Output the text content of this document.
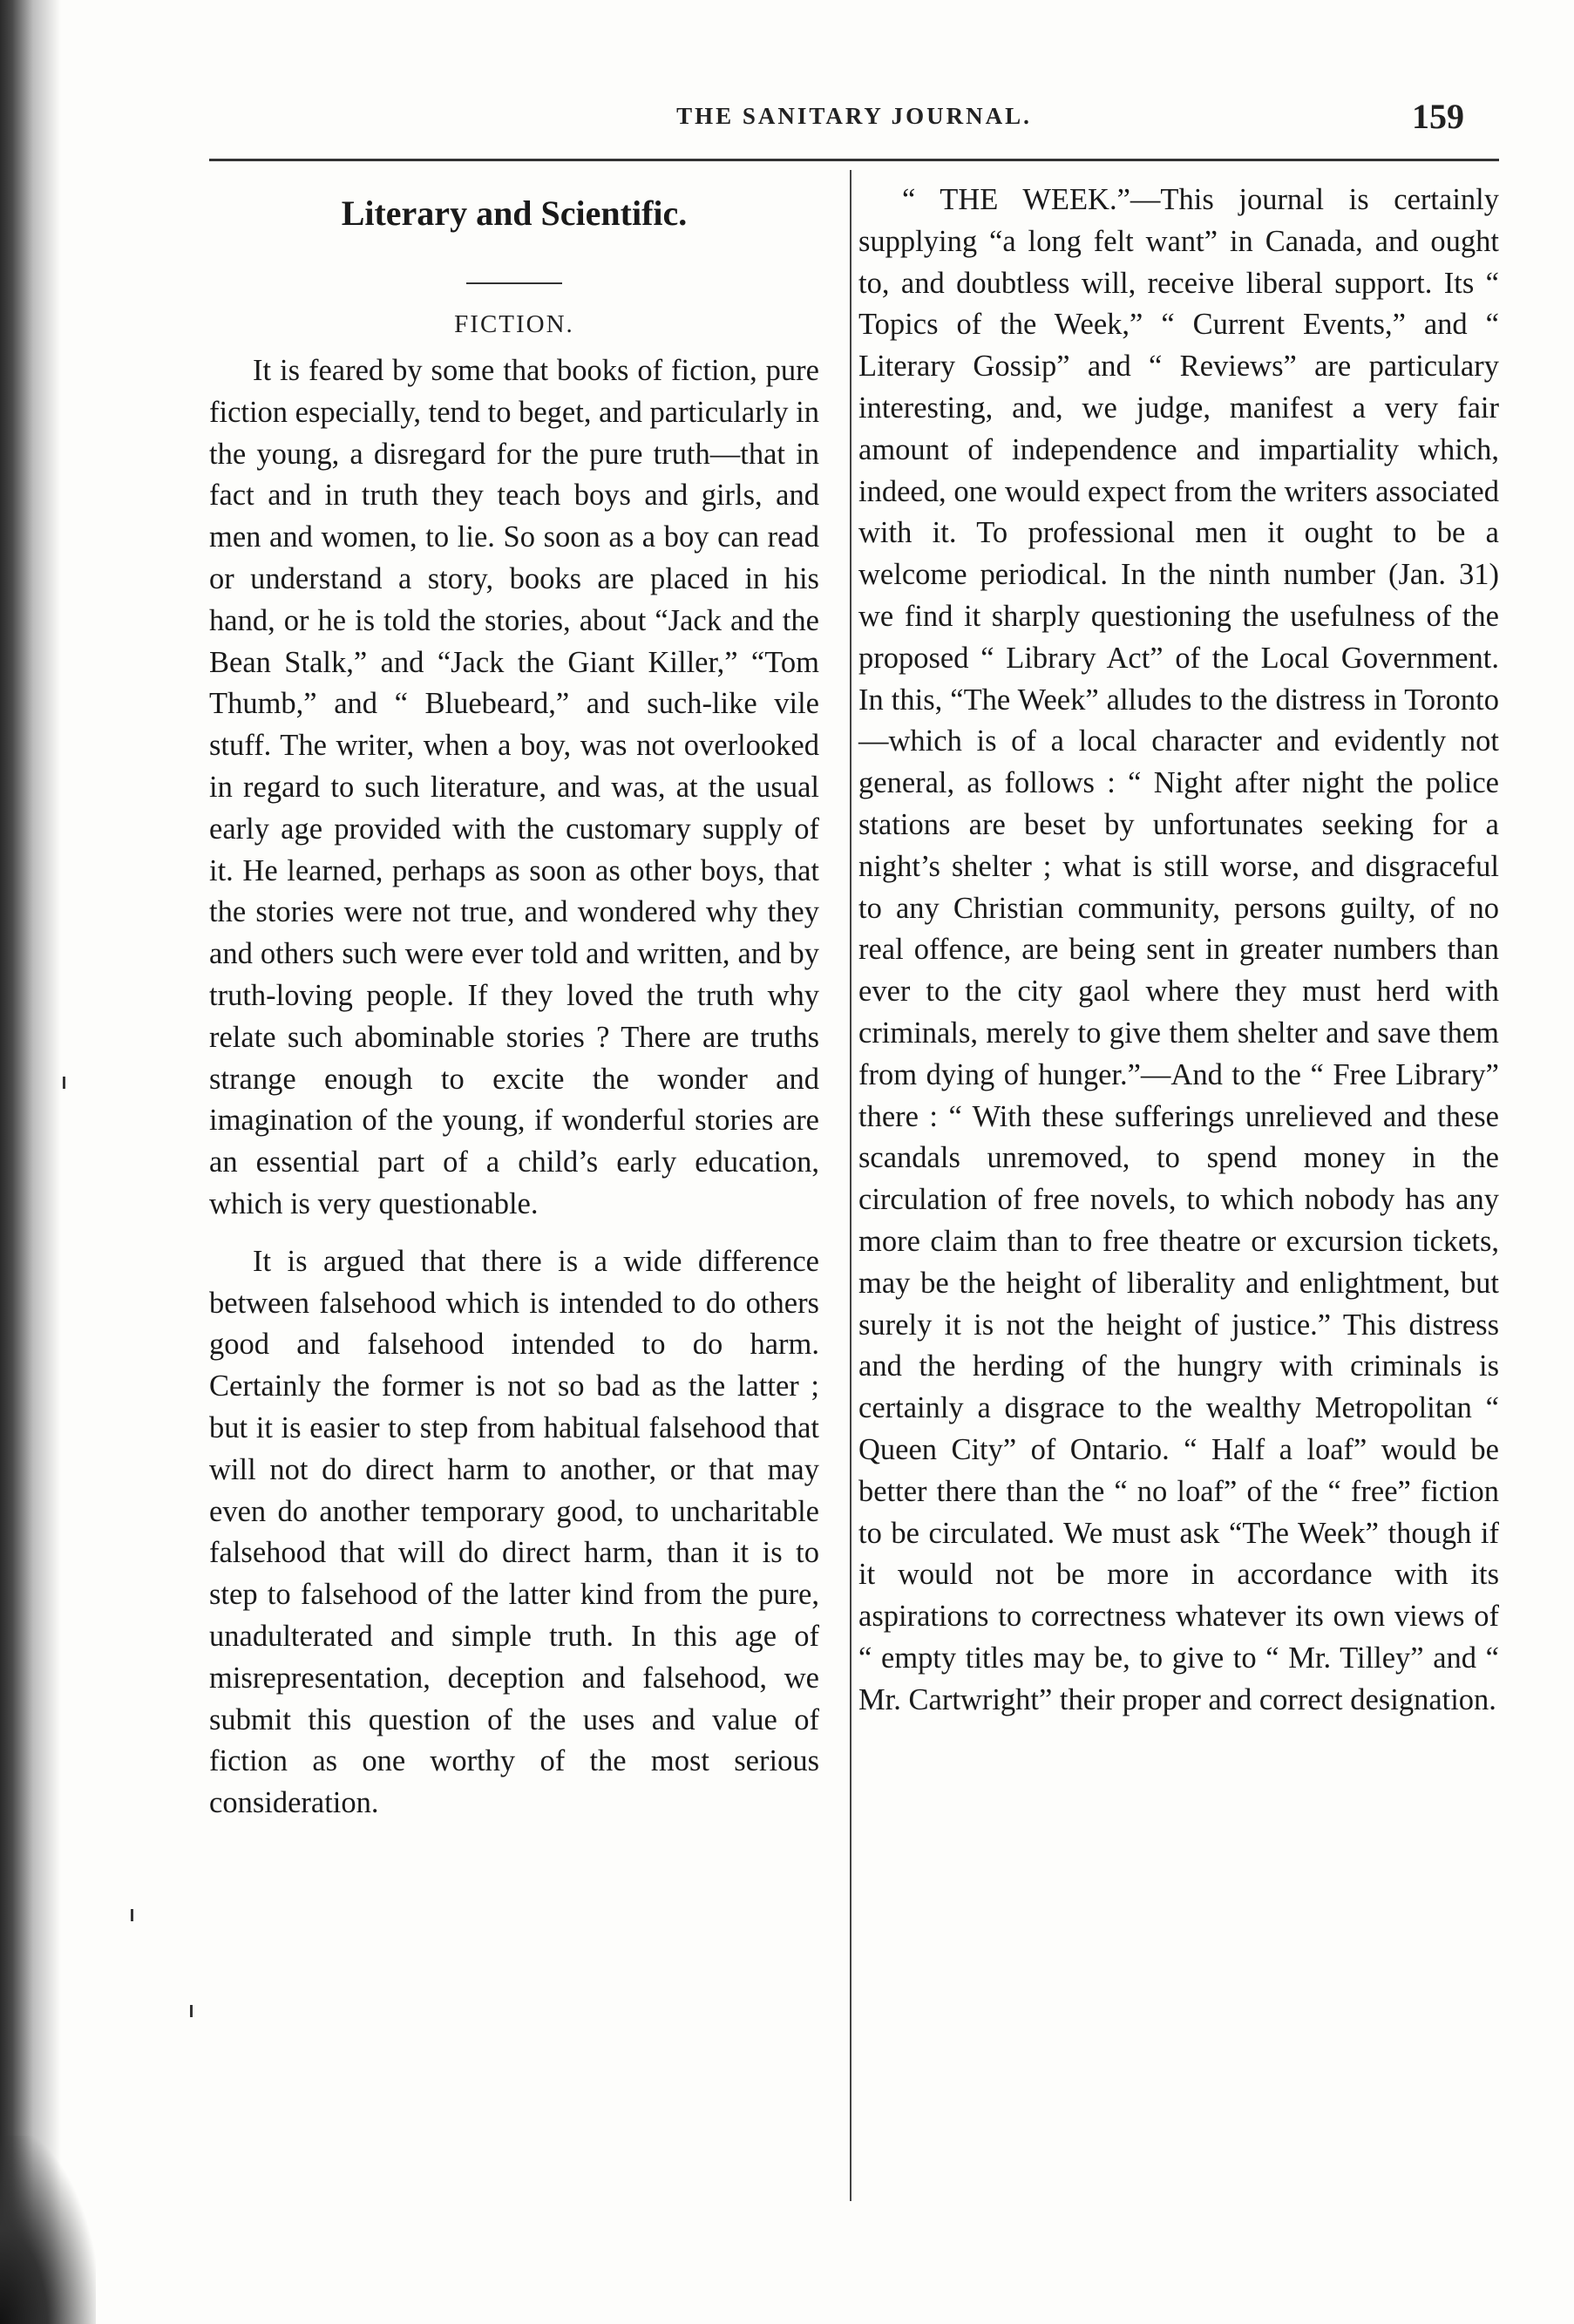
THE SANITARY JOURNAL.	159
Literary and Scientific.
FICTION.

It is feared by some that books of fiction, pure fiction especially, tend to beget, and particularly in the young, a disregard for the pure truth—that in fact and in truth they teach boys and girls, and men and women, to lie. So soon as a boy can read or understand a story, books are placed in his hand, or he is told the stories, about “Jack and the Bean Stalk,” and “Jack the Giant Killer,” “Tom Thumb,” and “ Bluebeard,” and such-like vile stuff. The writer, when a boy, was not overlooked in regard to such literature, and was, at the usual early age provided with the customary supply of it. He learned, perhaps as soon as other boys, that the stories were not true, and wondered why they and others such were ever told and written, and by truth-loving people. If they loved the truth why relate such abominable stories ? There are truths strange enough to excite the wonder and imagination of the young, if wonderful stories are an essential part of a child’s early education, which is very questionable.

It is argued that there is a wide difference between falsehood which is intended to do others good and falsehood intended to do harm. Certainly the former is not so bad as the latter ; but it is easier to step from habitual falsehood that will not do direct harm to another, or that may even do another temporary good, to uncharitable falsehood that will do direct harm, than it is to step to falsehood of the latter kind from the pure, unadulterated and simple truth. In this age of misrepresentation, deception and falsehood, we submit this question of the uses and value of fiction as one worthy of the most serious consideration.

“ THE WEEK.”—This journal is certainly supplying “a long felt want” in Canada, and ought to, and doubtless will, receive liberal support. Its “ Topics of the Week,” “ Current Events,” and “ Literary Gossip” and “ Reviews” are particulary interesting, and, we judge, manifest a very fair amount of independence and impartiality which, indeed, one would expect from the writers associated with it. To professional men it ought to be a welcome periodical. In the ninth number (Jan. 31) we find it sharply questioning the usefulness of the proposed “ Library Act” of the Local Government. In this, “The Week” alludes to the distress in Toronto—which is of a local character and evidently not general, as follows : “ Night after night the police stations are beset by unfortunates seeking for a night’s shelter ; what is still worse, and disgraceful to any Christian community, persons guilty, of no real offence, are being sent in greater numbers than ever to the city gaol where they must herd with criminals, merely to give them shelter and save them from dying of hunger.”—And to the “ Free Library” there : “ With these sufferings unrelieved and these scandals unremoved, to spend money in the circulation of free novels, to which nobody has any more claim than to free theatre or excursion tickets, may be the height of liberality and enlightment, but surely it is not the height of justice.” This distress and the herding of the hungry with criminals is certainly a disgrace to the wealthy Metropolitan “ Queen City” of Ontario. “ Half a loaf” would be better there than the “ no loaf” of the “ free” fiction to be circulated. We must ask “The Week” though if it would not be more in accordance with its aspirations to correctness whatever its own views of “ empty titles may be, to give to “ Mr. Tilley” and “ Mr. Cartwright” their proper and correct designation.
